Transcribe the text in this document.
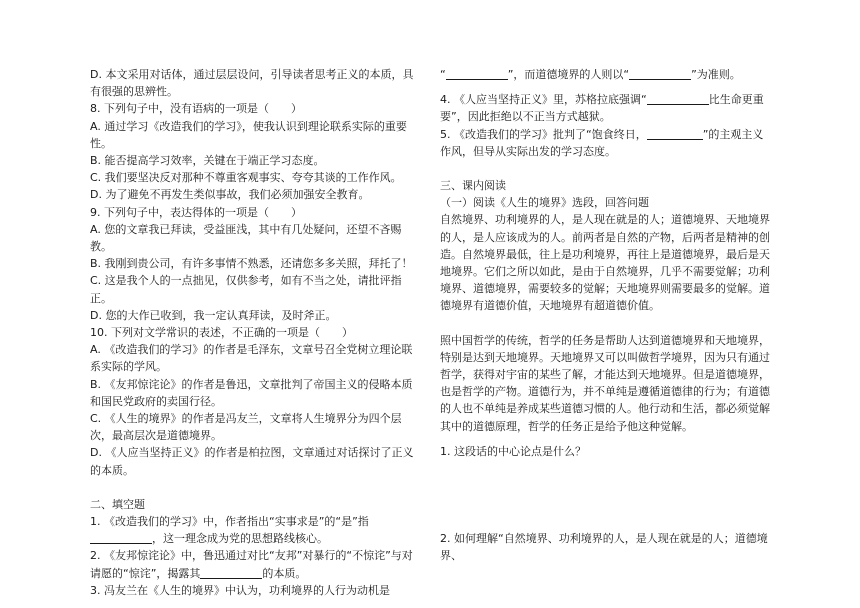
D. 本文采用对话体，通过层层设问，引导读者思考正义的本质，具有很强的思辨性。

8. 下列句子中，没有语病的一项是（　　）

A. 通过学习《改造我们的学习》，使我认识到理论联系实际的重要性。

B. 能否提高学习效率，关键在于端正学习态度。

C. 我们要坚决反对那种不尊重客观事实、夸夸其谈的工作作风。

D. 为了避免不再发生类似事故，我们必须加强安全教育。

9. 下列句子中，表达得体的一项是（　　）

A. 您的文章我已拜读，受益匪浅，其中有几处疑问，还望不吝赐教。

B. 我刚到贵公司，有许多事情不熟悉，还请您多多关照，拜托了！

C. 这是我个人的一点拙见，仅供参考，如有不当之处，请批评指正。

D. 您的大作已收到，我一定认真拜读，及时斧正。

10. 下列对文学常识的表述，不正确的一项是（　　）

A. 《改造我们的学习》的作者是毛泽东，文章号召全党树立理论联系实际的学风。

B. 《友邦惊诧论》的作者是鲁迅，文章批判了帝国主义的侵略本质和国民党政府的卖国行径。

C. 《人生的境界》的作者是冯友兰，文章将人生境界分为四个层次，最高层次是道德境界。

D. 《人应当坚持正义》的作者是柏拉图，文章通过对话探讨了正义的本质。

二、填空题

1. 《改造我们的学习》中，作者指出“实事求是”的“是”指，这一理念成为党的思想路线核心。

2. 《友邦惊诧论》中，鲁迅通过对比“友邦”对暴行的“不惊诧”与对请愿的“惊诧”，揭露其	的本质。

3. 冯友兰在《人生的境界》中认为，功利境界的人行为动机是

“	”，而道德境界的人则以“	”为准则。

4. 《人应当坚持正义》里，苏格拉底强调“	比生命更重要”，因此拒绝以不正当方式越狱。

5. 《改造我们的学习》批判了“饱食终日，	”的主观主义作风，但导从实际出发的学习态度。

三、课内阅读

（一）阅读《人生的境界》选段，回答问题

自然境界、功利境界的人，是人现在就是的人；道德境界、天地境界的人，是人应该成为的人。前两者是自然的产物，后两者是精神的创造。自然境界最低，往上是功利境界，再往上是道德境界，最后是天地境界。它们之所以如此，是由于自然境界，几乎不需要觉解；功利境界、道德境界，需要较多的觉解；天地境界则需要最多的觉解。道德境界有道德价值，天地境界有超道德价值。

照中国哲学的传统，哲学的任务是帮助人达到道德境界和天地境界，特别是达到天地境界。天地境界又可以叫做哲学境界，因为只有通过哲学，获得对宇宙的某些了解，才能达到天地境界。但是道德境界，也是哲学的产物。道德行为，并不单纯是遵循道德律的行为；有道德的人也不单纯是养成某些道德习惯的人。他行动和生活，都必须觉解其中的道德原理，哲学的任务正是给予他这种觉解。

1. 这段话的中心论点是什么？

2. 如何理解“自然境界、功利境界的人，是人现在就是的人；道德境界、
